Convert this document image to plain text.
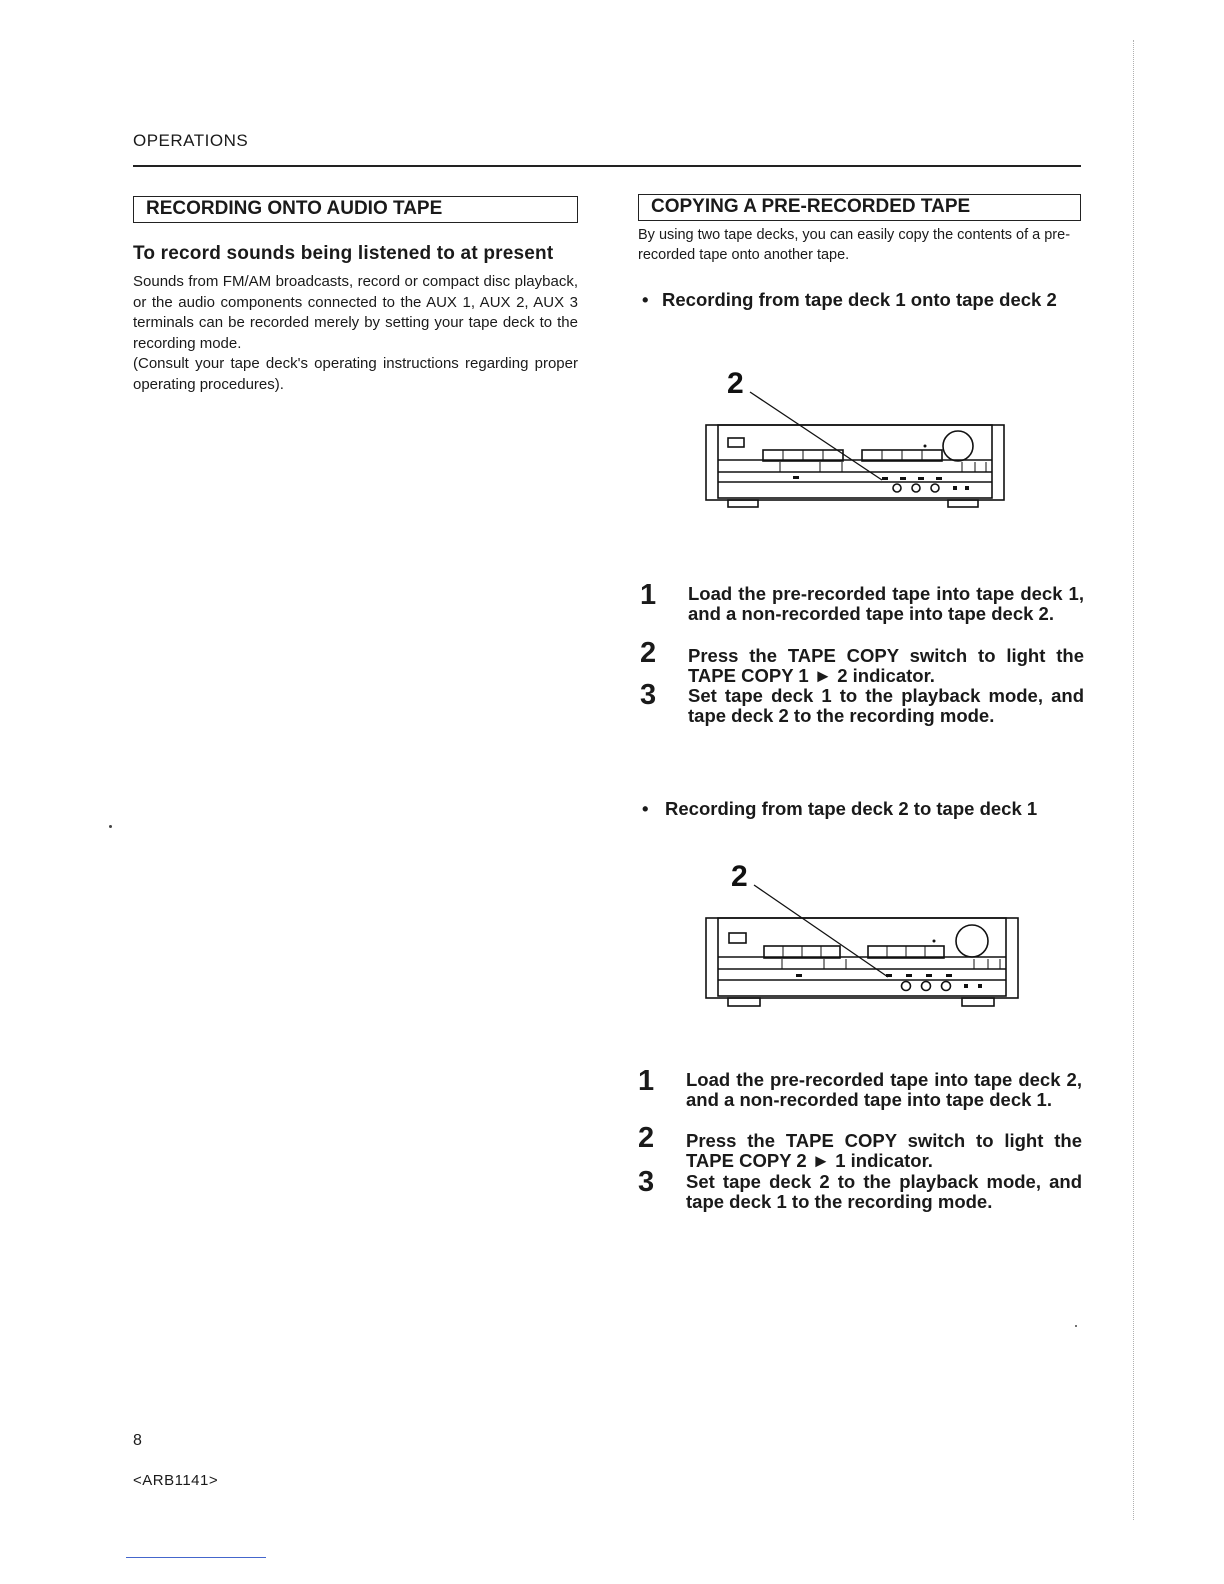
OPERATIONS
RECORDING ONTO AUDIO TAPE
To record sounds being listened to at present

Sounds from FM/AM broadcasts, record or compact disc playback, or the audio components connected to the AUX 1, AUX 2, AUX 3 terminals can be recorded merely by setting your tape deck to the recording mode.

(Consult your tape deck's operating instructions regarding proper operating procedures).

COPYING A PRE-RECORDED TAPE
By using two tape decks, you can easily copy the contents of a pre-recorded tape onto another tape.
• Recording from tape deck 1 onto tape deck 2
2
1 Load the pre-recorded tape into tape deck 1, and a non-recorded tape into tape deck 2.
2 Press the TAPE COPY switch to light the TAPE COPY 1 ► 2 indicator.
3 Set tape deck 1 to the playback mode, and tape deck 2 to the recording mode.
• Recording from tape deck 2 to tape deck 1
2
1 Load the pre-recorded tape into tape deck 2, and a non-recorded tape into tape deck 1.
2 Press the TAPE COPY switch to light the TAPE COPY 2 ► 1 indicator.
3 Set tape deck 2 to the playback mode, and tape deck 1 to the recording mode.
8
<ARB1141>
